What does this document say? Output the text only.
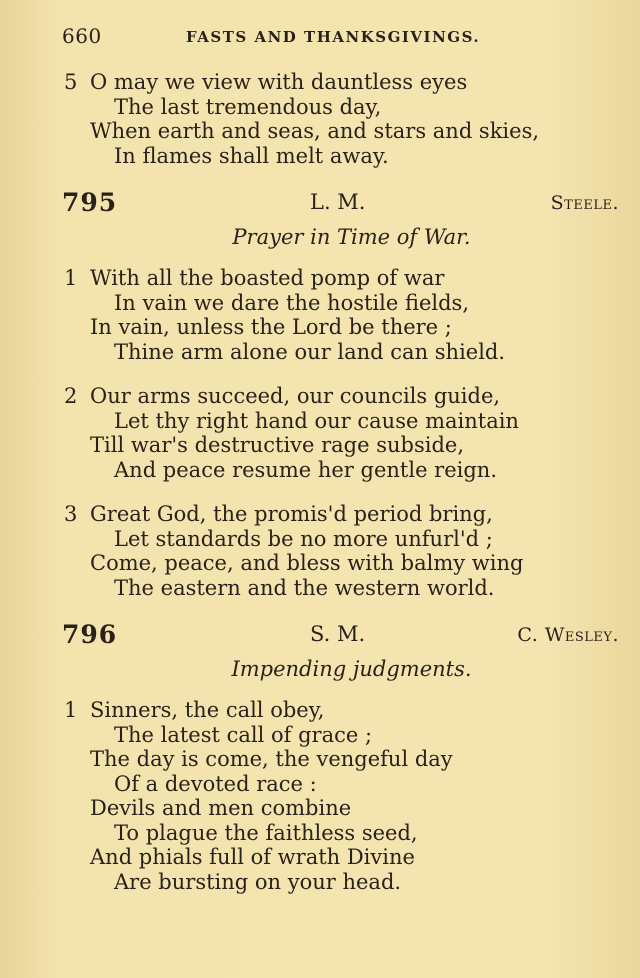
660	FASTS AND THANKSGIVINGS.
5 O may we view with dauntless eyes
The last tremendous day,
When earth and seas, and stars and skies,
In flames shall melt away.
795	L. M.	Steele.
Prayer in Time of War.
1 With all the boasted pomp of war
In vain we dare the hostile fields,
In vain, unless the Lord be there ;
Thine arm alone our land can shield.
2 Our arms succeed, our councils guide,
Let thy right hand our cause maintain
Till war's destructive rage subside,
And peace resume her gentle reign.
3 Great God, the promis'd period bring,
Let standards be no more unfurl'd ;
Come, peace, and bless with balmy wing
The eastern and the western world.
796	S. M.	C. Wesley.
Impending judgments.
1 Sinners, the call obey,
The latest call of grace ;
The day is come, the vengeful day
Of a devoted race :
Devils and men combine
To plague the faithless seed,
And phials full of wrath Divine
Are bursting on your head.
